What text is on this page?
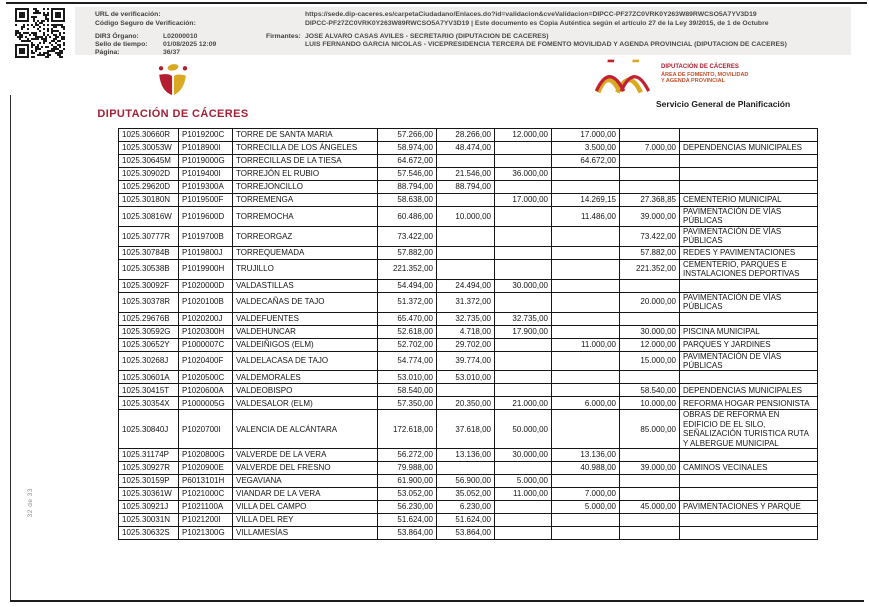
URL de verificación:	https://sede.dip-caceres.es/carpetaCiudadano/Enlaces.do?id=validacion&cveValidacion=DIPCC-PF27ZC0VRK0Y263W89RWCSO5A7YV3D19
Código Seguro de Verificación:	DIPCC-PF27ZC0VRK0Y263W89RWCSO5A7YV3D19 | Este documento es Copia Auténtica según el artículo 27 de la Ley 39/2015, de 1 de Octubre
DIR3 Órgano:	L02000010	Firmantes: JOSE ALVARO CASAS AVILES - SECRETARIO (DIPUTACION DE CACERES)
Sello de tiempo: 01/08/2025 12:09	LUIS FERNANDO GARCIA NICOLAS - VICEPRESIDENCIA TERCERA DE FOMENTO MOVILIDAD Y AGENDA PROVINCIAL (DIPUTACION DE CACERES)
Página:	36/37
DIPUTACIÓN DE CÁCERES
DIPUTACIÓN DE CÁCERES
ÁREA DE FOMENTO, MOVILIDAD
Y AGENDA PROVINCIAL
Servicio General de Planificación
32 de 33
1025.30660R	P1019200C	TORRE DE SANTA MARIA	57.266,00	28.266,00	12.000,00	17.000,00		
1025.30053W	P1018900I	TORRECILLA DE LOS ÁNGELES	58.974,00	48.474,00		3.500,00	7.000,00	DEPENDENCIAS MUNICIPALES
1025.30645M	P1019000G	TORRECILLAS DE LA TIESA	64.672,00			64.672,00		
1025.30902D	P1019400I	TORREJÓN EL RUBIO	57.546,00	21.546,00	36.000,00			
1025.29620D	P1019300A	TORREJONCILLO	88.794,00	88.794,00				
1025.30180N	P1019500F	TORREMENGA	58.638,00		17.000,00	14.269,15	27.368,85	CEMENTERIO MUNICIPAL
1025.30816W	P1019600D	TORREMOCHA	60.486,00	10.000,00		11.486,00	39.000,00	PAVIMENTACIÓN DE VÍAS PÚBLICAS
1025.30777R	P1019700B	TORREORGAZ	73.422,00				73.422,00	PAVIMENTACIÓN DE VÍAS PÚBLICAS
1025.30784B	P1019800J	TORREQUEMADA	57.882,00				57.882,00	REDES Y PAVIMENTACIONES
1025.30538B	P1019900H	TRUJILLO	221.352,00				221.352,00	CEMENTERIO, PARQUES E INSTALACIONES DEPORTIVAS
1025.30092F	P1020000D	VALDASTILLAS	54.494,00	24.494,00	30.000,00			
1025.30378R	P1020100B	VALDECAÑAS DE TAJO	51.372,00	31.372,00			20.000,00	PAVIMENTACIÓN DE VÍAS PÚBLICAS
1025.29676B	P1020200J	VALDEFUENTES	65.470,00	32.735,00	32.735,00			
1025.30592G	P1020300H	VALDEHUNCAR	52.618,00	4.718,00	17.900,00		30.000,00	PISCINA MUNICIPAL
1025.30652Y	P1000007C	VALDEIÑIGOS (ELM)	52.702,00	29.702,00		11.000,00	12.000,00	PARQUES Y JARDINES
1025.30268J	P1020400F	VALDELACASA DE TAJO	54.774,00	39.774,00			15.000,00	PAVIMENTACIÓN DE VÍAS PÚBLICAS
1025.30601A	P1020500C	VALDEMORALES	53.010,00	53.010,00				
1025.30415T	P1020600A	VALDEOBISPO	58.540,00				58.540,00	DEPENDENCIAS MUNICIPALES
1025.30354X	P1000005G	VALDESALOR (ELM)	57.350,00	20.350,00	21.000,00	6.000,00	10.000,00	REFORMA HOGAR PENSIONISTA
1025.30840J	P1020700I	VALENCIA DE ALCÁNTARA	172.618,00	37.618,00	50.000,00		85.000,00	OBRAS DE REFORMA EN EDIFICIO DE EL SILO, SEÑALIZACIÓN TURISTICA RUTA Y ALBERGUE MUNICIPAL
1025.31174P	P1020800G	VALVERDE DE LA VERA	56.272,00	13.136,00	30.000,00	13.136,00		
1025.30927R	P1020900E	VALVERDE DEL FRESNO	79.988,00			40.988,00	39.000,00	CAMINOS VECINALES
1025.30159P	P6013101H	VEGAVIANA	61.900,00	56.900,00	5.000,00			
1025.30361W	P1021000C	VIANDAR DE LA VERA	53.052,00	35.052,00	11.000,00	7.000,00		
1025.30921J	P1021100A	VILLA DEL CAMPO	56.230,00	6.230,00		5.000,00	45.000,00	PAVIMENTACIONES Y PARQUE
1025.30031N	P1021200I	VILLA DEL REY	51.624,00	51.624,00				
1025.30632S	P1021300G	VILLAMESÍAS	53.864,00	53.864,00				
